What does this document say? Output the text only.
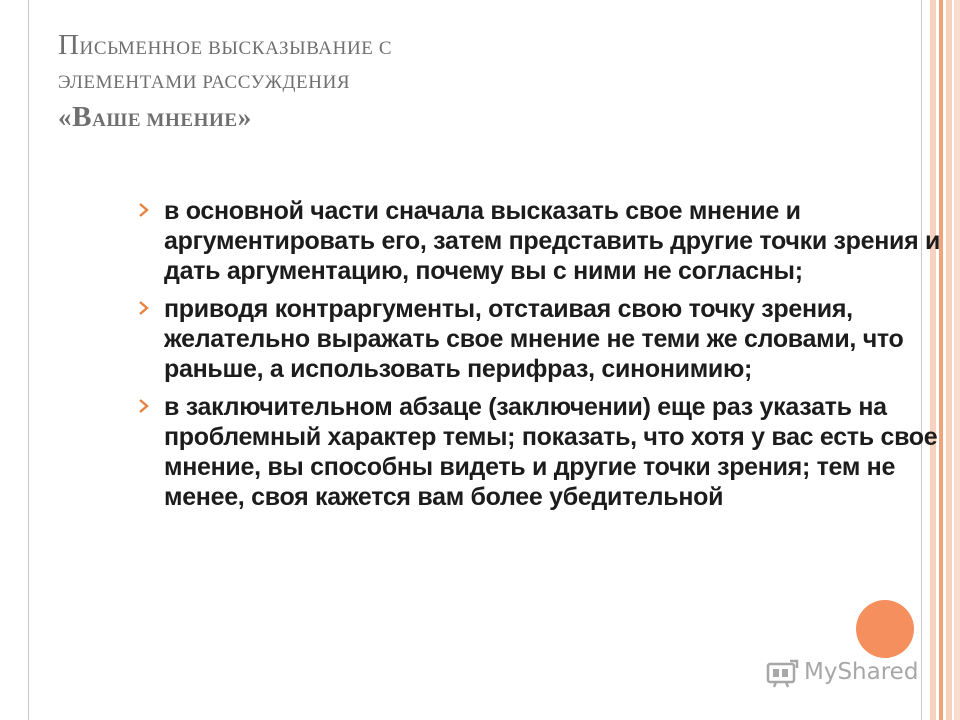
ПИСЬМЕННОЕ ВЫСКАЗЫВАНИЕ С
ЭЛЕМЕНТАМИ РАССУЖДЕНИЯ
«ВАШЕ МНЕНИЕ»
в основной части сначала высказать свое мнение и аргументировать его, затем представить другие точки зрения и дать аргументацию, почему вы с ними не согласны;
приводя контраргументы, отстаивая свою точку зрения, желательно выражать свое мнение не теми же словами, что раньше, а использовать перифраз, синонимию;
в заключительном абзаце (заключении) еще раз указать на проблемный характер темы; показать, что хотя у вас есть свое мнение, вы способны видеть и другие точки зрения; тем не менее, своя кажется вам более убедительной
MyShared
